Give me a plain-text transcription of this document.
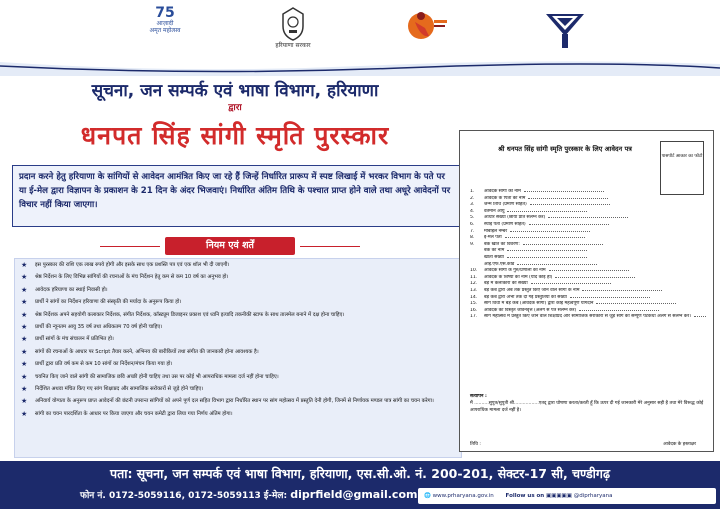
75
आज़ादी
अमृत महोत्सव
हरियाणा सरकार
सूचना, जन सम्पर्क एवं भाषा विभाग, हरियाणा
द्वारा
धनपत सिंह सांगी स्मृति पुरस्कार
प्रदान करने हेतु हरियाणा के सांगियों से आवेदन आमंत्रित किए जा रहे हैं जिन्हें निर्धारित प्रारूप में स्पष्ट लिखाई में भरकर विभाग के पते पर या ई-मेल द्वारा विज्ञापन के प्रकाशन के 21 दिन के अंदर भिजवाएं। निर्धारित अंतिम तिथि के पश्चात प्राप्त होने वाले तथा अधूरे आवेदनों पर विचार नहीं किया जाएगा।
नियम एवं शर्तें
★ इस पुरस्कार की राशि एक लाख रुपये होगी और इसके साथ एक प्रशस्ति पत्र एवं एक शॉल भी दी जाएगी।
★ श्रेष्ठ निर्देशन के लिए विभिन्न सांगियों की रचनाओं के मंच निर्देशन हेतु कम से कम 10 वर्ष का अनुभव हो।
★ आवेदक हरियाणा का स्थाई निवासी हो।
★ प्रार्थी ने सांगों का निर्देशन हरियाणा की संस्कृति की मर्यादा के अनुरूप किया हो।
★ श्रेष्ठ निर्देशक अपने सहयोगी कलाकार निर्देशक, संगीत निर्देशक, कॉस्ट्यूम डिजाइनर प्रकाश एवं ध्वनि इत्यादि तकनीकी स्टाफ के साथ तालमेल बनाने में दक्ष होना चाहिए।
★ प्रार्थी की न्यूनतम आयु 35 वर्ष तथा अधिकतम 70 वर्ष होनी चाहिए।
★ प्रार्थी सांगों के मंच संचालन में प्रतिभित हो।
★ सांगों की रचनाओं के आधार पर Script तैयार करने, अभिनय की बारीकियों तथा संगीत की जानकारी होना आवश्यक है।
★ प्रार्थी द्वारा प्रति वर्ष कम से कम 10 सांगों का निर्देशन/मंचन किया गया हो।
★ चयनित किए जाने वाले सांगी की सामाजिक छवि अच्छी होनी चाहिए तथा उस पर कोई भी आपराधिक मामला दर्ज नहीं होना चाहिए।
★ निर्देशित अथवा मंचित किए गए सांग शिक्षाप्रद और सामाजिक सरोकारों से जुड़े होने चाहिए।
★ अनिवार्य योग्यता के अनुरूप प्राप्त आवेदनों की छंटनी उपरान्त सांगियों को अपने पूर्ण दल सहित विभाग द्वारा निर्धारित स्थान पर सांग महोत्सव में प्रस्तुति देनी होगी, जिनमें से निर्णायक मण्डल पात्र सांगी का चयन करेगा।
★ सांगी का चयन पारदर्शिता के आधार पर किया जाएगा और चयन कमेटी द्वारा लिया गया निर्णय अंतिम होगा।
श्री धनपत सिंह सांगी स्मृति पुरस्कार के लिए आवेदन पत्र
पासपोर्ट आकार का फोटो
1. आवेदक सांगी का नाम
2. आवेदक के पिता का नाम
3. जन्म तिथि (प्रमाण सहित)
4. वर्तमान आयु
5. आधार संख्या (छाया प्रति संलग्न करें)
6. स्थाई पता (प्रमाण सहित)
7. मोबाइल नम्बर
8. ई-मेल पता
9. बैंक खाते का विवरण:
बैंक का नाम
खाता संख्या
आई.एफ.एस.कोड
10. आवेदक सांगी के गुरु/प्रणाली का नाम
11. आवेदक के शिष्यों का नाम (यदि कोई हो)
12. बेड़े में कलाकारों की संख्या
13. बेड़े कब द्वारा अब तक प्रस्तुत किए जाने वाले सांगों के नाम
14. बेड़े कब द्वारा अभी तक दी गई प्रस्तुतियों की संख्या
15. सांग विधा में बेड़े कब (आवेदक सांगी) द्वारा कोई महत्वपूर्ण योगदान
16. आवेदक का विस्तृत जीवनवृत्त (अलग से पत्र संलग्न करें)
17. सांग महोत्सव में प्रस्तुत किए जाने वाले शिक्षाप्रद और सामाजिक सरोकारों से जुड़े सांग की सम्पूर्ण पटकथा अलग से संलग्न करें।
सत्यापन :
मैं ..........सुपुत्र/सुपुत्री श्री.................एतद् द्वारा घोषणा करता/करती हूँ कि ऊपर दी गई जानकारी मेरे अनुसार सही है तथा मेरे विरूद्ध कोई आपराधिक मामला दर्ज नहीं है।
तिथि :	आवेदक के हस्ताक्षर
पता: सूचना, जन सम्पर्क एवं भाषा विभाग, हरियाणा, एस.सी.ओ. नं. 200-201, सेक्टर-17 सी, चण्डीगढ़
फोन नं. 0172-5059116, 0172-5059113 ई-मेल: diprfield@gmail.com	🌐 www.prharyana.gov.in Follow us on ▣▣▣▣▣ @diprharyana
